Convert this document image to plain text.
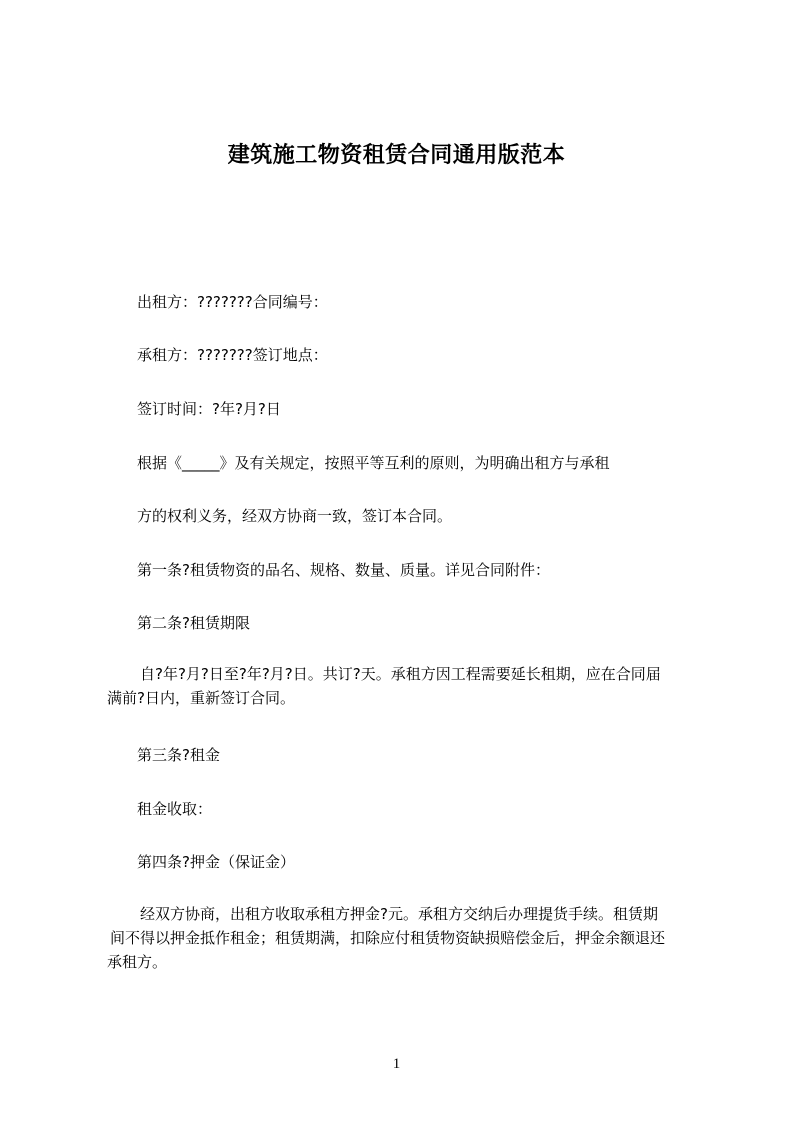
建筑施工物资租赁合同通用版范本
出租方：???????合同编号：
承租方：???????签订地点：
签订时间：?年?月?日
根据《_____》及有关规定，按照平等互利的原则，为明确出租方与承租
方的权利义务，经双方协商一致，签订本合同。
第一条?租赁物资的品名、规格、数量、质量。详见合同附件：
第二条?租赁期限
自?年?月?日至?年?月?日。共订?天。承租方因工程需要延长租期，应在合同届
满前?日内，重新签订合同。
第三条?租金
租金收取：
第四条?押金（保证金）
经双方协商，出租方收取承租方押金?元。承租方交纳后办理提货手续。租赁期
间不得以押金抵作租金；租赁期满，扣除应付租赁物资缺损赔偿金后，押金余额退还
承租方。
1
